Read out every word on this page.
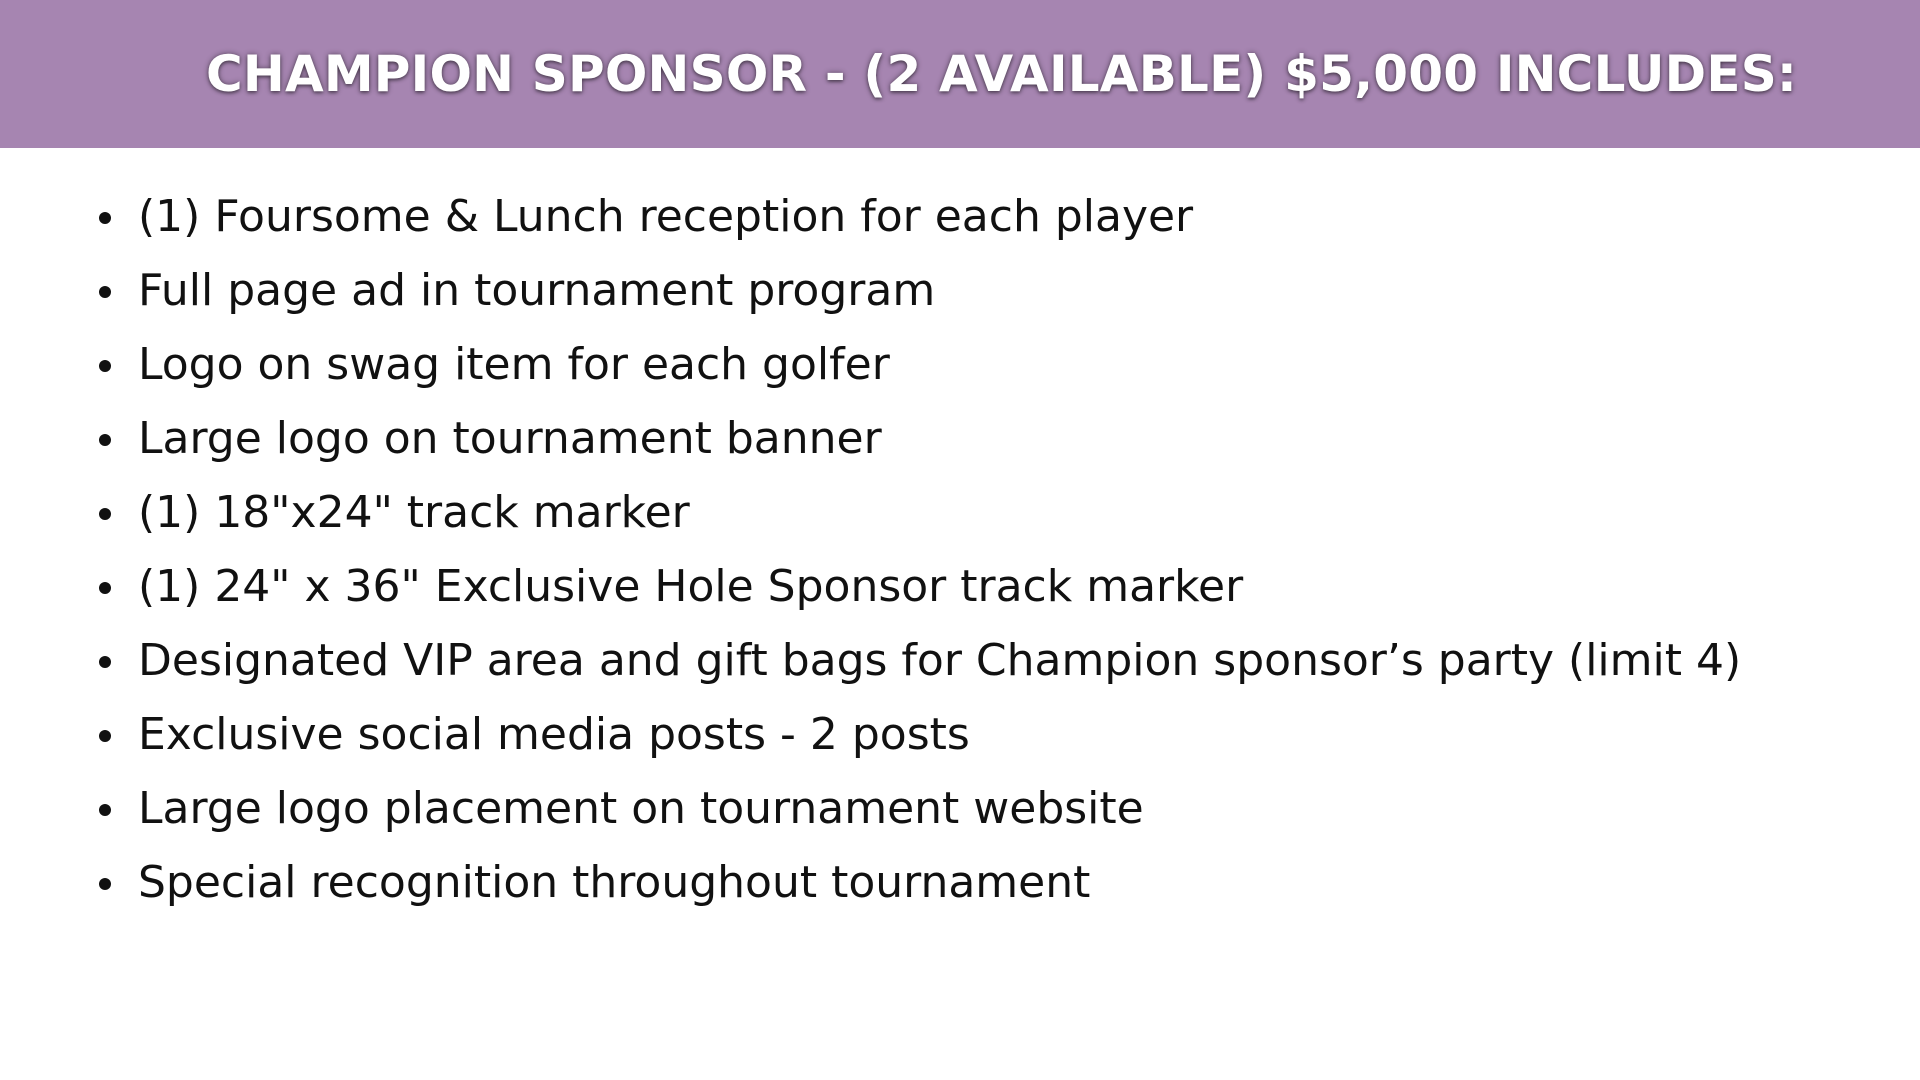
CHAMPION SPONSOR - (2 AVAILABLE) $5,000 INCLUDES:
(1) Foursome & Lunch reception for each player
Full page ad in tournament program
Logo on swag item for each golfer
Large logo on tournament banner
(1) 18"x24" track marker
(1) 24" x 36" Exclusive Hole Sponsor track marker
Designated VIP area and gift bags for Champion sponsor’s party (limit 4)
Exclusive social media posts - 2 posts
Large logo placement on tournament website
Special recognition throughout tournament
